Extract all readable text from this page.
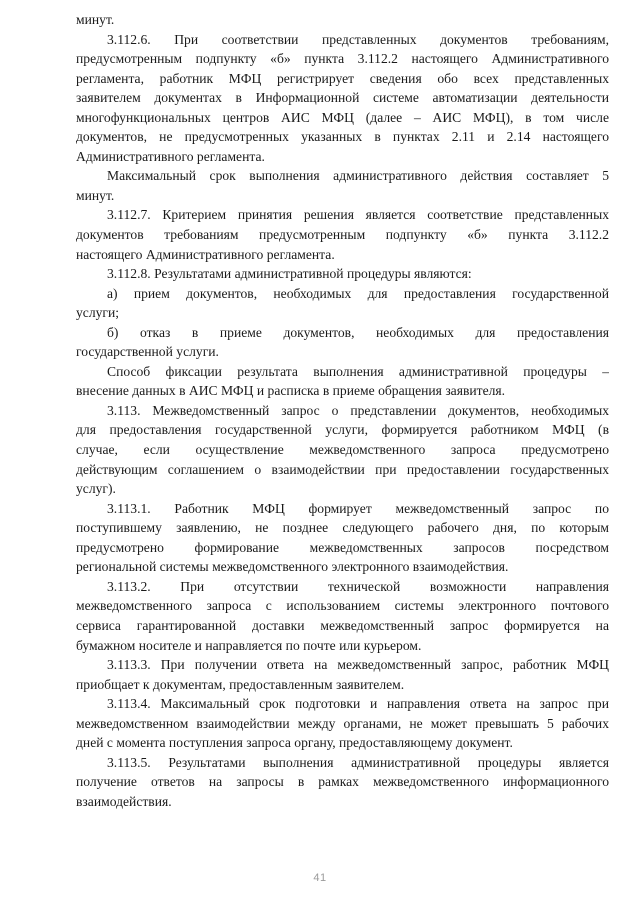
минут.
3.112.6. При соответствии представленных документов требованиям,
предусмотренным подпункту «б» пункта 3.112.2 настоящего Административного
регламента, работник МФЦ регистрирует сведения обо всех представленных
заявителем документах в Информационной системе автоматизации деятельности
многофункциональных центров АИС МФЦ (далее – АИС МФЦ), в том числе
документов, не предусмотренных указанных в пунктах 2.11 и 2.14 настоящего
Административного регламента.
Максимальный срок выполнения административного действия составляет 5
минут.
3.112.7. Критерием принятия решения является соответствие представленных
документов требованиям предусмотренным подпункту «б» пункта 3.112.2
настоящего Административного регламента.
3.112.8. Результатами административной процедуры являются:
а) прием документов, необходимых для предоставления государственной
услуги;
б) отказ в приеме документов, необходимых для предоставления
государственной услуги.
Способ фиксации результата выполнения административной процедуры –
внесение данных в АИС МФЦ и расписка в приеме обращения заявителя.
3.113. Межведомственный запрос о представлении документов, необходимых
для предоставления государственной услуги, формируется работником МФЦ (в
случае, если осуществление межведомственного запроса предусмотрено
действующим соглашением о взаимодействии при предоставлении государственных
услуг).
3.113.1. Работник МФЦ формирует межведомственный запрос по
поступившему заявлению, не позднее следующего рабочего дня, по которым
предусмотрено формирование межведомственных запросов посредством
региональной системы межведомственного электронного взаимодействия.
3.113.2. При отсутствии технической возможности направления
межведомственного запроса с использованием системы электронного почтового
сервиса гарантированной доставки межведомственный запрос формируется на
бумажном носителе и направляется по почте или курьером.
3.113.3. При получении ответа на межведомственный запрос, работник МФЦ
приобщает к документам, предоставленным заявителем.
3.113.4. Максимальный срок подготовки и направления ответа на запрос при
межведомственном взаимодействии между органами, не может превышать 5 рабочих
дней с момента поступления запроса органу, предоставляющему документ.
3.113.5. Результатами выполнения административной процедуры является
получение ответов на запросы в рамках межведомственного информационного
взаимодействия.
41
